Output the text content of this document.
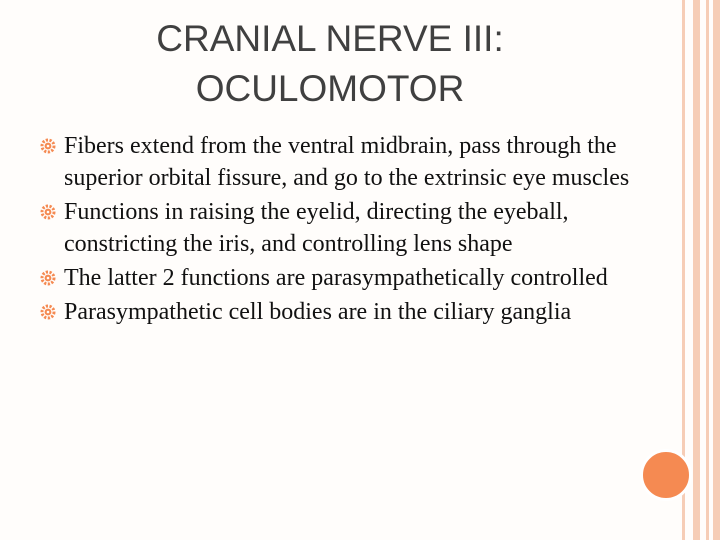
CRANIAL NERVE III:
OCULOMOTOR
Fibers extend from the ventral midbrain, pass through the superior orbital fissure, and go to the extrinsic eye muscles
Functions in raising the eyelid, directing the eyeball, constricting the iris, and controlling lens shape
The latter 2 functions are parasympathetically controlled
Parasympathetic cell bodies are in the ciliary ganglia
